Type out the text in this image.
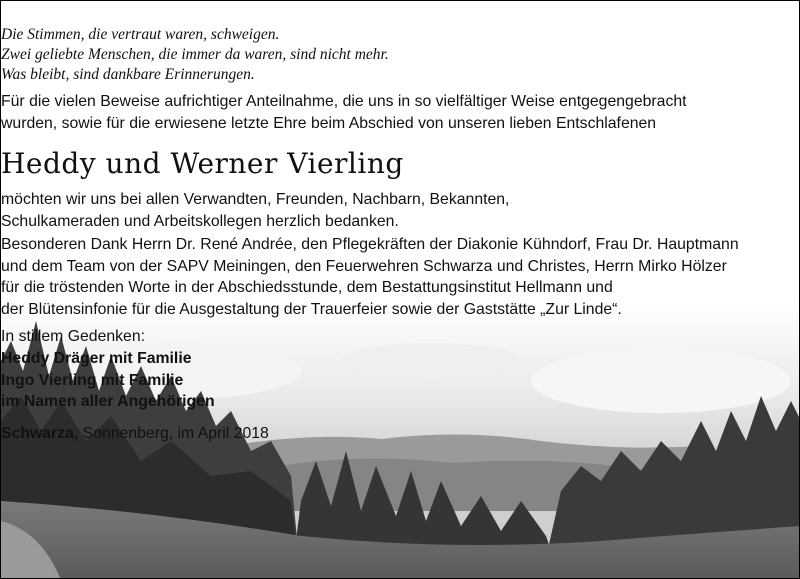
Die Stimmen, die vertraut waren, schweigen.
Zwei geliebte Menschen, die immer da waren, sind nicht mehr.
Was bleibt, sind dankbare Erinnerungen.
Für die vielen Beweise aufrichtiger Anteilnahme, die uns in so vielfältiger Weise entgegengebracht
wurden, sowie für die erwiesene letzte Ehre beim Abschied von unseren lieben Entschlafenen
Heddy und Werner Vierling
möchten wir uns bei allen Verwandten, Freunden, Nachbarn, Bekannten,
Schulkameraden und Arbeitskollegen herzlich bedanken.
Besonderen Dank Herrn Dr. René Andrée, den Pflegekräften der Diakonie Kühndorf, Frau Dr. Hauptmann
und dem Team von der SAPV Meiningen, den Feuerwehren Schwarza und Christes, Herrn Mirko Hölzer
für die tröstenden Worte in der Abschiedsstunde, dem Bestattungsinstitut Hellmann und
der Blütensinfonie für die Ausgestaltung der Trauerfeier sowie der Gaststätte „Zur Linde“.
In stillem Gedenken:
Heddy Dräger mit Familie
Ingo Vierling mit Familie
im Namen aller Angehörigen
Schwarza, Sonnenberg, im April 2018
